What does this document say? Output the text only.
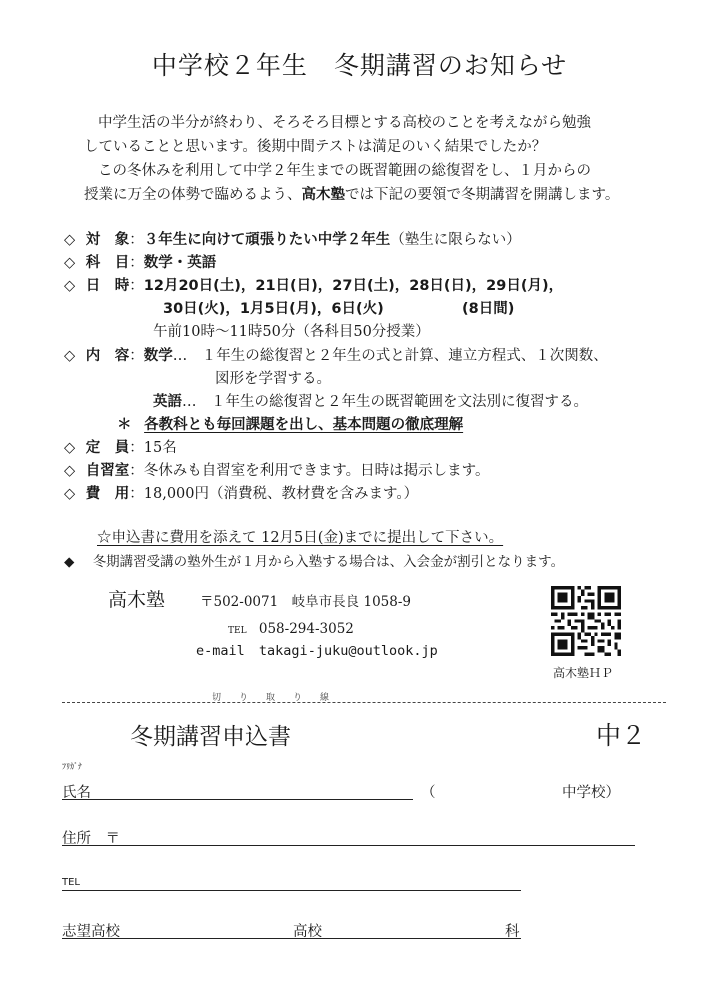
中学校２年生　冬期講習のお知らせ
中学生活の半分が終わり、そろそろ目標とする高校のことを考えながら勉強
していることと思います。後期中間テストは満足のいく結果でしたか？
この冬休みを利用して中学２年生までの既習範囲の総復習をし、１月からの
授業に万全の体勢で臨めるよう、高木塾では下記の要領で冬期講習を開講します。
◇ 対　象：３年生に向けて頑張りたい中学２年生（塾生に限らない）
◇ 科　目：数学・英語
◇ 日　時：12月20日(土)，21日(日)，27日(土)，28日(日)，29日(月)，
30日(火)，1月5日(月)，6日(火)	(8日間)
午前10時～11時50分（各科目50分授業）
◇ 内　容：数学…　１年生の総復習と２年生の式と計算、連立方程式、１次関数、
図形を学習する。
英語…　１年生の総復習と２年生の既習範囲を文法別に復習する。
＊ 各教科とも毎回課題を出し、基本問題の徹底理解
◇ 定　員：15名
◇ 自習室：冬休みも自習室を利用できます。日時は掲示します。
◇ 費　用：18,000円（消費税、教材費を含みます。）
☆申込書に費用を添えて 12月5日(金)までに提出して下さい。
◆ 冬期講習受講の塾外生が１月から入塾する場合は、入会金が割引となります。
高木塾	〒502-0071　岐阜市長良 1058-9
TEL 058-294-3052
e-mail takagi-juku@outlook.jp
高木塾ＨＰ
切　　り　　取　　り　　線
冬期講習申込書	中２
ﾌﾘｶﾞﾅ
氏名	（	中学校）
住所　〒
TEL
志望高校	高校	科
